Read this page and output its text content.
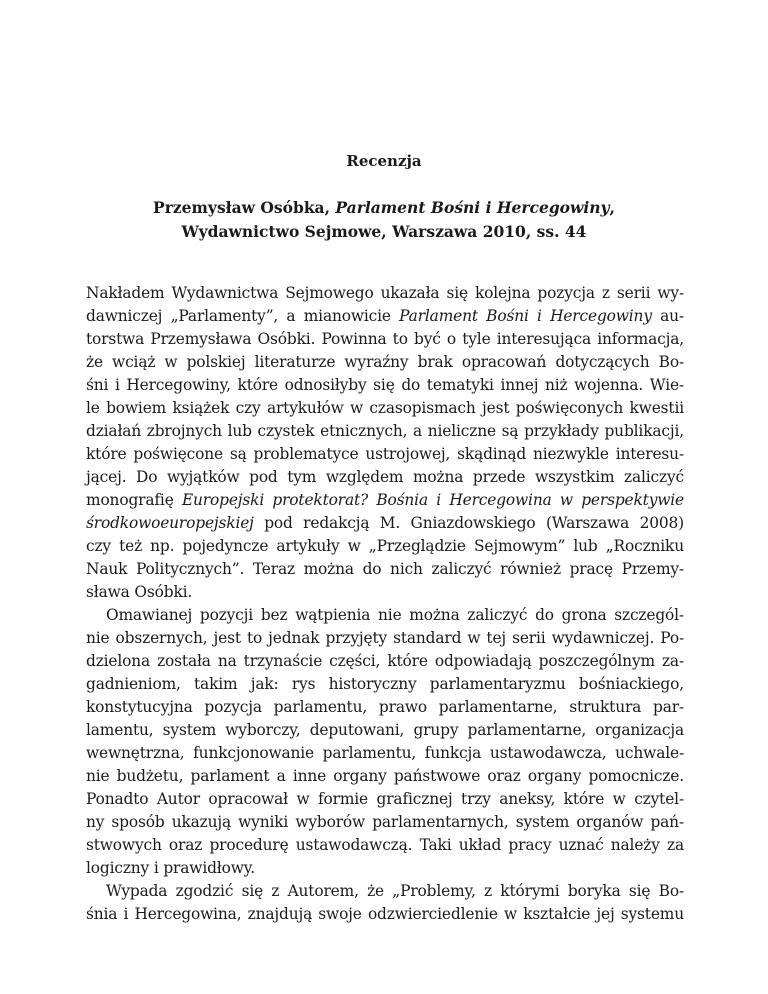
Recenzja
Przemysław Osóbka, Parlament Bośni i Hercegowiny,
Wydawnictwo Sejmowe, Warszawa 2010, ss. 44
Nakładem Wydawnictwa Sejmowego ukazała się kolejna pozycja z serii wy-
dawniczej „Parlamenty”, a mianowicie Parlament Bośni i Hercegowiny au-
torstwa Przemysława Osóbki. Powinna to być o tyle interesująca informacja,
że wciąż w polskiej literaturze wyraźny brak opracowań dotyczących Bo-
śni i Hercegowiny, które odnosiłyby się do tematyki innej niż wojenna. Wie-
le bowiem książek czy artykułów w czasopismach jest poświęconych kwestii
działań zbrojnych lub czystek etnicznych, a nieliczne są przykłady publikacji,
które poświęcone są problematyce ustrojowej, skądinąd niezwykle interesu-
jącej. Do wyjątków pod tym względem można przede wszystkim zaliczyć
monografię Europejski protektorat? Bośnia i Hercegowina w perspektywie
środkowoeuropejskiej pod redakcją M. Gniazdowskiego (Warszawa 2008)
czy też np. pojedyncze artykuły w „Przeglądzie Sejmowym” lub „Roczniku
Nauk Politycznych”. Teraz można do nich zaliczyć również pracę Przemy-
sława Osóbki.
Omawianej pozycji bez wątpienia nie można zaliczyć do grona szczegól-
nie obszernych, jest to jednak przyjęty standard w tej serii wydawniczej. Po-
dzielona została na trzynaście części, które odpowiadają poszczególnym za-
gadnieniom, takim jak: rys historyczny parlamentaryzmu bośniackiego,
konstytucyjna pozycja parlamentu, prawo parlamentarne, struktura par-
lamentu, system wyborczy, deputowani, grupy parlamentarne, organizacja
wewnętrzna, funkcjonowanie parlamentu, funkcja ustawodawcza, uchwale-
nie budżetu, parlament a inne organy państwowe oraz organy pomocnicze.
Ponadto Autor opracował w formie graficznej trzy aneksy, które w czytel-
ny sposób ukazują wyniki wyborów parlamentarnych, system organów pań-
stwowych oraz procedurę ustawodawczą. Taki układ pracy uznać należy za
logiczny i prawidłowy.
Wypada zgodzić się z Autorem, że „Problemy, z którymi boryka się Bo-
śnia i Hercegowina, znajdują swoje odzwierciedlenie w kształcie jej systemu
